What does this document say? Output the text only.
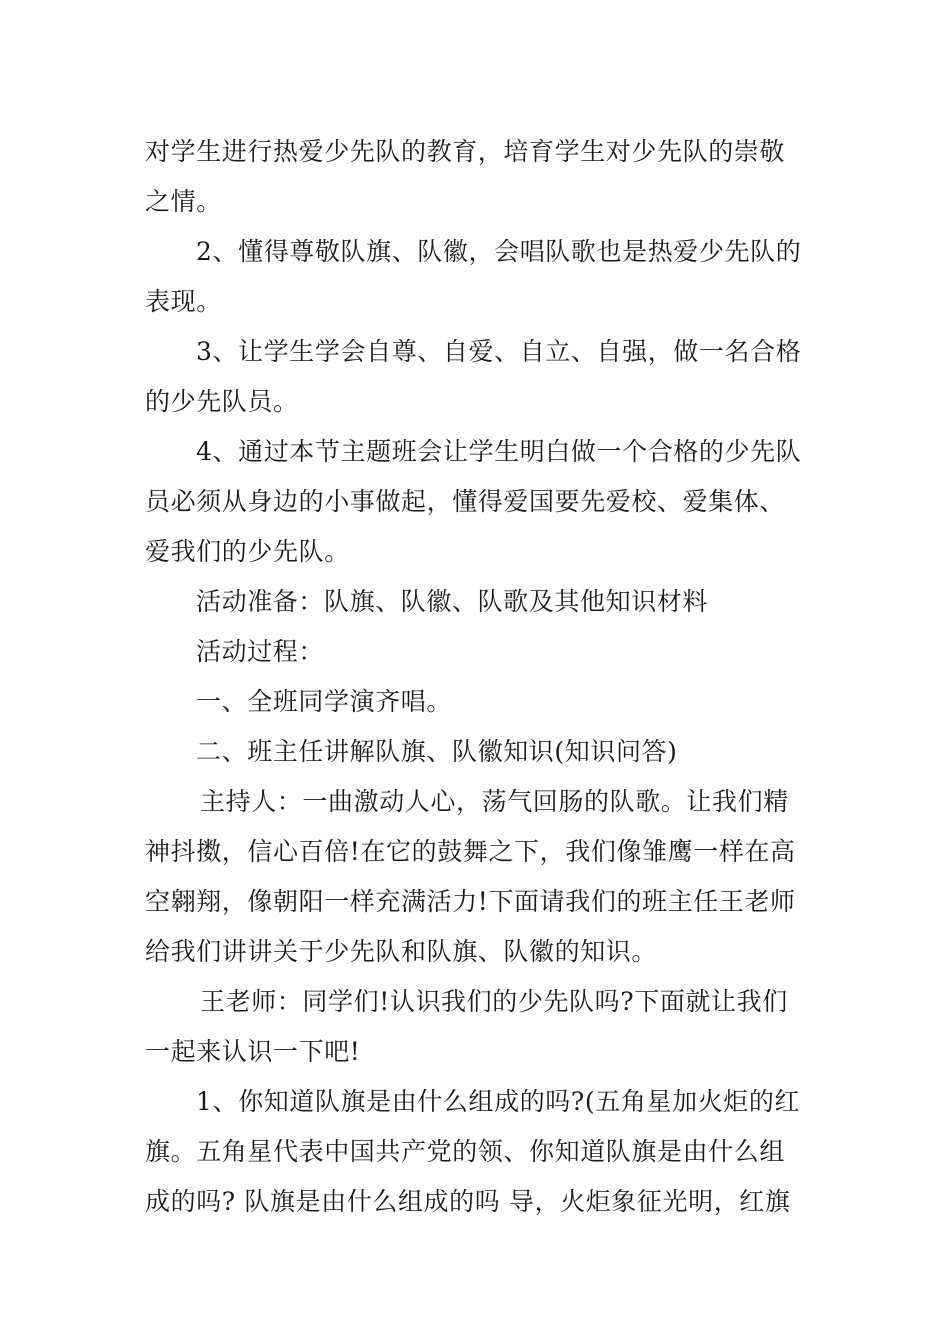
对学生进行热爱少先队的教育，培育学生对少先队的崇敬

之情。

2、懂得尊敬队旗、队徽，会唱队歌也是热爱少先队的

表现。

3、让学生学会自尊、自爱、自立、自强，做一名合格

的少先队员。

4、通过本节主题班会让学生明白做一个合格的少先队

员必须从身边的小事做起，懂得爱国要先爱校、爱集体、

爱我们的少先队。

活动准备：队旗、队徽、队歌及其他知识材料

活动过程：

一、全班同学演齐唱。

二、班主任讲解队旗、队徽知识(知识问答)

主持人：一曲激动人心，荡气回肠的队歌。让我们精

神抖擞，信心百倍!在它的鼓舞之下，我们像雏鹰一样在高

空翱翔，像朝阳一样充满活力!下面请我们的班主任王老师

给我们讲讲关于少先队和队旗、队徽的知识。

王老师：同学们!认识我们的少先队吗?下面就让我们

一起来认识一下吧!

1、你知道队旗是由什么组成的吗?(五角星加火炬的红

旗。五角星代表中国共产党的领、你知道队旗是由什么组

成的吗? 队旗是由什么组成的吗 导，火炬象征光明，红旗
